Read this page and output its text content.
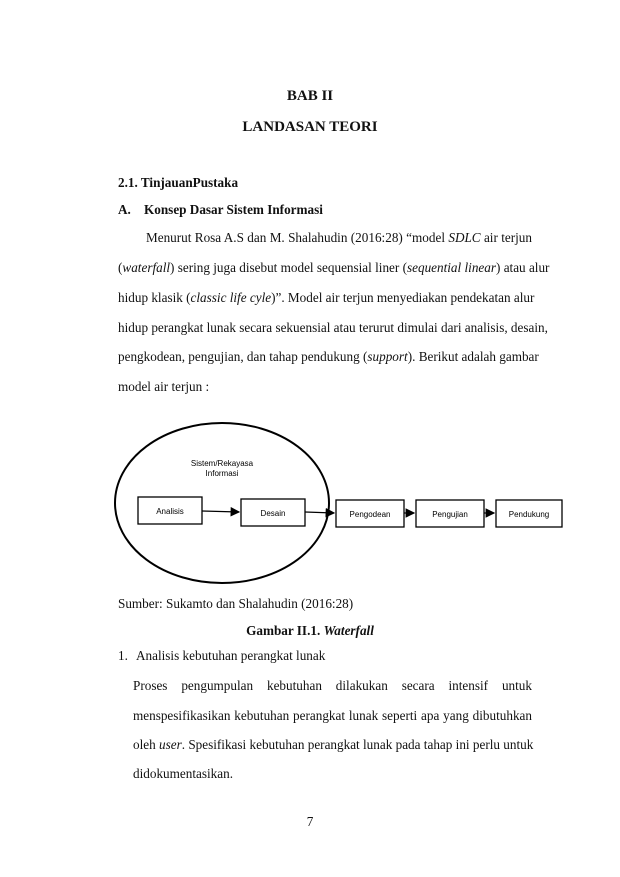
BAB II
LANDASAN TEORI
2.1. TinjauanPustaka
A. Konsep Dasar Sistem Informasi
Menurut Rosa A.S dan M. Shalahudin (2016:28) “model SDLC air terjun
(waterfall) sering juga disebut model sequensial liner (sequential linear) atau alur
hidup klasik (classic life cyle)”. Model air terjun menyediakan pendekatan alur
hidup perangkat lunak secara sekuensial atau terurut dimulai dari analisis, desain,
pengkodean, pengujian, dan tahap pendukung (support). Berikut adalah gambar
model air terjun :
Sistem/Rekayasa
Informasi
Analisis	Desain	Pengodean	Pengujian	Pendukung
Sumber: Sukamto dan Shalahudin (2016:28)
Gambar II.1. Waterfall
1. Analisis kebutuhan perangkat lunak
Proses pengumpulan kebutuhan dilakukan secara intensif untuk
menspesifikasikan kebutuhan perangkat lunak seperti apa yang dibutuhkan
oleh user. Spesifikasi kebutuhan perangkat lunak pada tahap ini perlu untuk
didokumentasikan.
7
